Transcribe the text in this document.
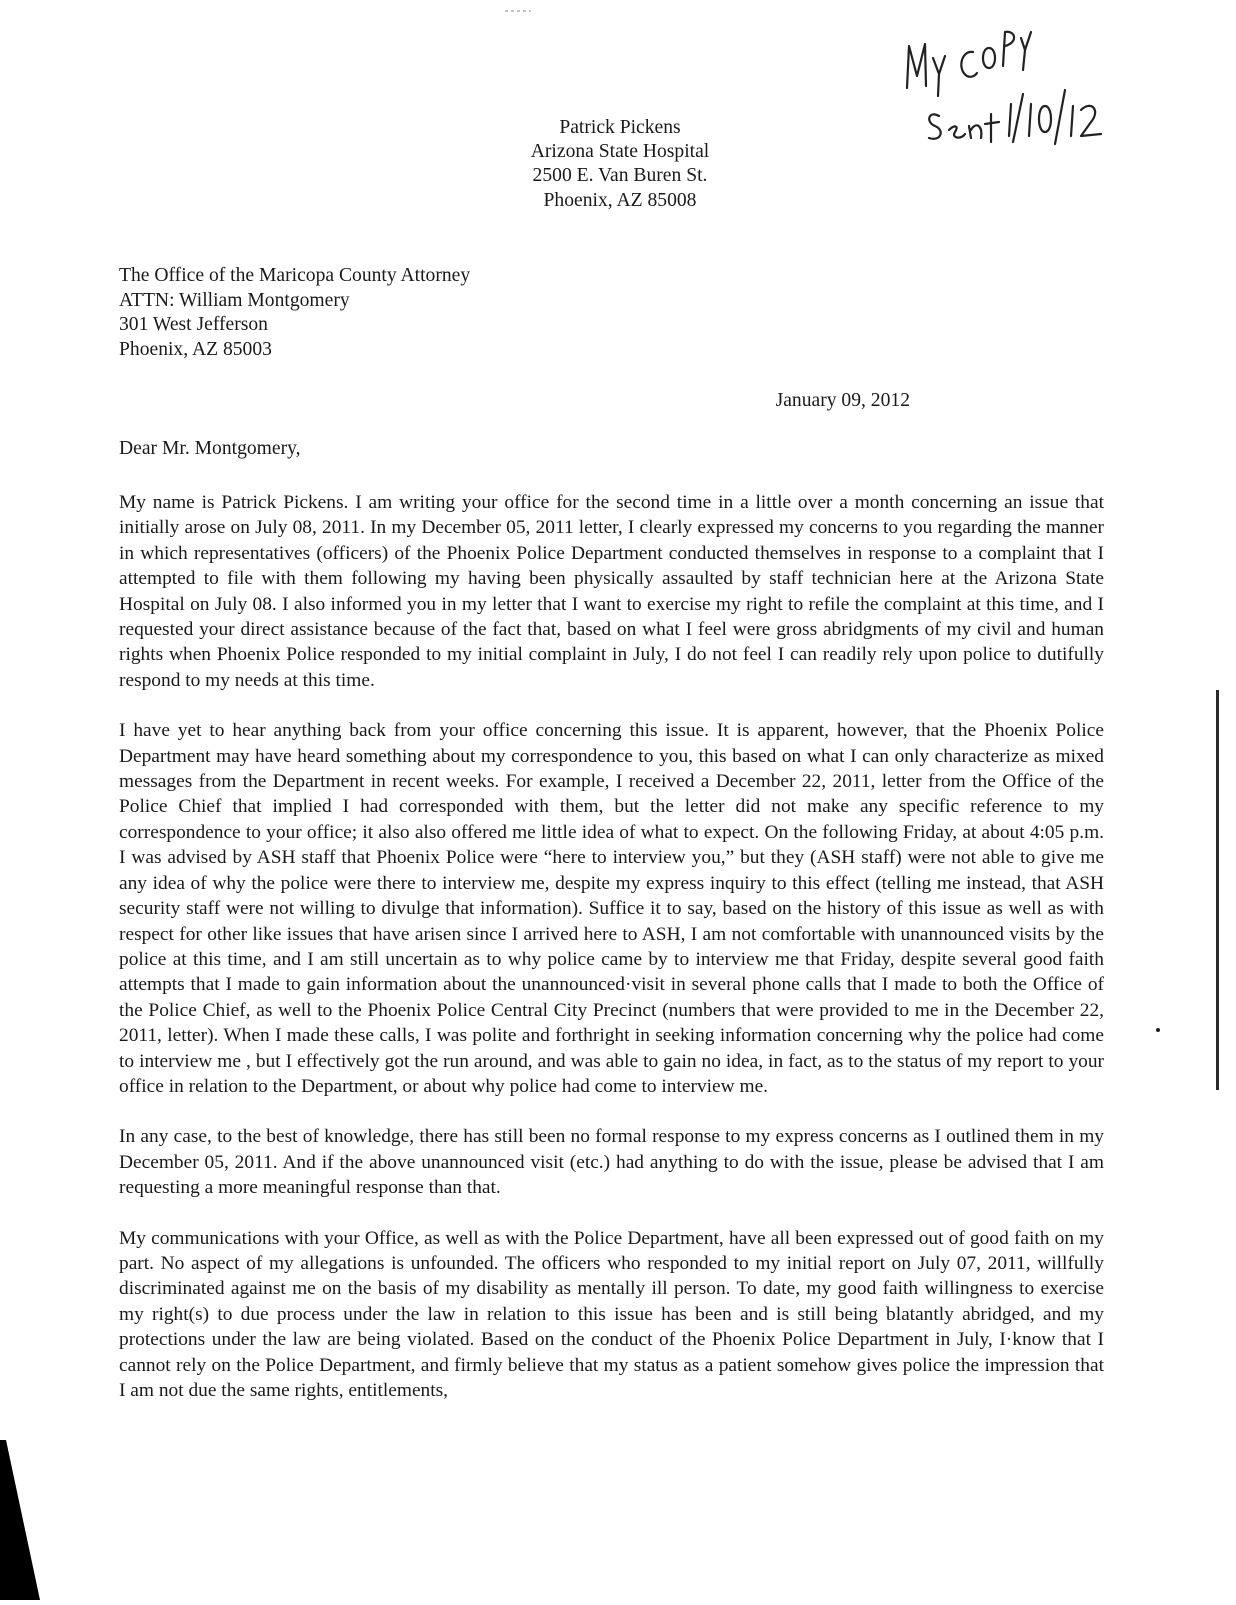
Patrick Pickens
Arizona State Hospital
2500 E. Van Buren St.
Phoenix, AZ 85008
The Office of the Maricopa County Attorney
ATTN: William Montgomery
301 West Jefferson
Phoenix, AZ 85003
January 09, 2012
Dear Mr. Montgomery,

My name is Patrick Pickens. I am writing your office for the second time in a little over a month concerning an issue that initially arose on July 08, 2011. In my December 05, 2011 letter, I clearly expressed my concerns to you regarding the manner in which representatives (officers) of the Phoenix Police Department conducted themselves in response to a complaint that I attempted to file with them following my having been physically assaulted by staff technician here at the Arizona State Hospital on July 08. I also informed you in my letter that I want to exercise my right to refile the complaint at this time, and I requested your direct assistance because of the fact that, based on what I feel were gross abridgments of my civil and human rights when Phoenix Police responded to my initial complaint in July, I do not feel I can readily rely upon police to dutifully respond to my needs at this time.

I have yet to hear anything back from your office concerning this issue. It is apparent, however, that the Phoenix Police Department may have heard something about my correspondence to you, this based on what I can only characterize as mixed messages from the Department in recent weeks. For example, I received a December 22, 2011, letter from the Office of the Police Chief that implied I had corresponded with them, but the letter did not make any specific reference to my correspondence to your office; it also also offered me little idea of what to expect. On the following Friday, at about 4:05 p.m. I was advised by ASH staff that Phoenix Police were “here to interview you,” but they (ASH staff) were not able to give me any idea of why the police were there to interview me, despite my express inquiry to this effect (telling me instead, that ASH security staff were not willing to divulge that information). Suffice it to say, based on the history of this issue as well as with respect for other like issues that have arisen since I arrived here to ASH, I am not comfortable with unannounced visits by the police at this time, and I am still uncertain as to why police came by to interview me that Friday, despite several good faith attempts that I made to gain information about the unannounced·visit in several phone calls that I made to both the Office of the Police Chief, as well to the Phoenix Police Central City Precinct (numbers that were provided to me in the December 22, 2011, letter). When I made these calls, I was polite and forthright in seeking information concerning why the police had come to interview me , but I effectively got the run around, and was able to gain no idea, in fact, as to the status of my report to your office in relation to the Department, or about why police had come to interview me.

In any case, to the best of knowledge, there has still been no formal response to my express concerns as I outlined them in my December 05, 2011. And if the above unannounced visit (etc.) had anything to do with the issue, please be advised that I am requesting a more meaningful response than that.

My communications with your Office, as well as with the Police Department, have all been expressed out of good faith on my part. No aspect of my allegations is unfounded. The officers who responded to my initial report on July 07, 2011, willfully discriminated against me on the basis of my disability as mentally ill person. To date, my good faith willingness to exercise my right(s) to due process under the law in relation to this issue has been and is still being blatantly abridged, and my protections under the law are being violated. Based on the conduct of the Phoenix Police Department in July, I·know that I cannot rely on the Police Department, and firmly believe that my status as a patient somehow gives police the impression that I am not due the same rights, entitlements,
